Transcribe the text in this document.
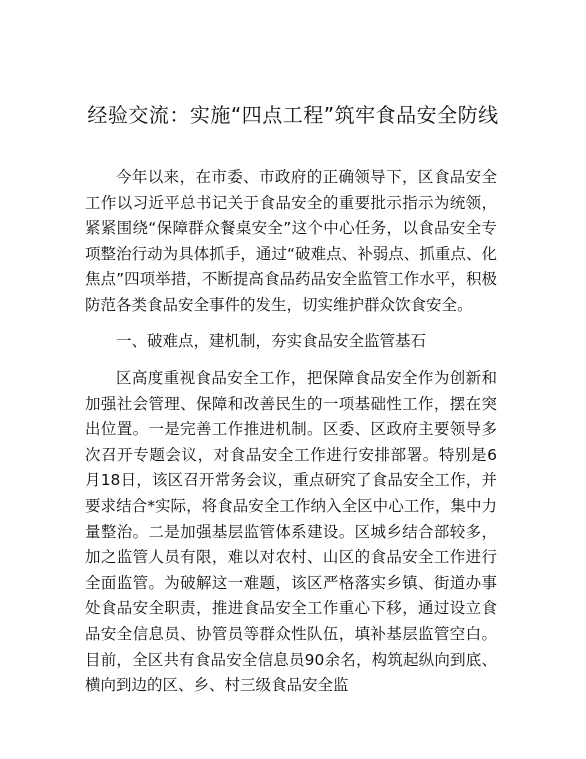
经验交流：实施“四点工程”筑牢食品安全防线

今年以来，在市委、市政府的正确领导下，区食品安全工作以习近平总书记关于食品安全的重要批示指示为统领，紧紧围绕“保障群众餐桌安全”这个中心任务，以食品安全专项整治行动为具体抓手，通过“破难点、补弱点、抓重点、化焦点”四项举措，不断提高食品药品安全监管工作水平，积极防范各类食品安全事件的发生，切实维护群众饮食安全。

一、破难点，建机制，夯实食品安全监管基石

区高度重视食品安全工作，把保障食品安全作为创新和加强社会管理、保障和改善民生的一项基础性工作，摆在突出位置。一是完善工作推进机制。区委、区政府主要领导多次召开专题会议，对食品安全工作进行安排部署。特别是6月18日，该区召开常务会议，重点研究了食品安全工作，并要求结合*实际，将食品安全工作纳入全区中心工作，集中力量整治。二是加强基层监管体系建设。区城乡结合部较多，加之监管人员有限，难以对农村、山区的食品安全工作进行全面监管。为破解这一难题，该区严格落实乡镇、街道办事处食品安全职责，推进食品安全工作重心下移，通过设立食品安全信息员、协管员等群众性队伍，填补基层监管空白。目前，全区共有食品安全信息员90余名，构筑起纵向到底、横向到边的区、乡、村三级食品安全监
